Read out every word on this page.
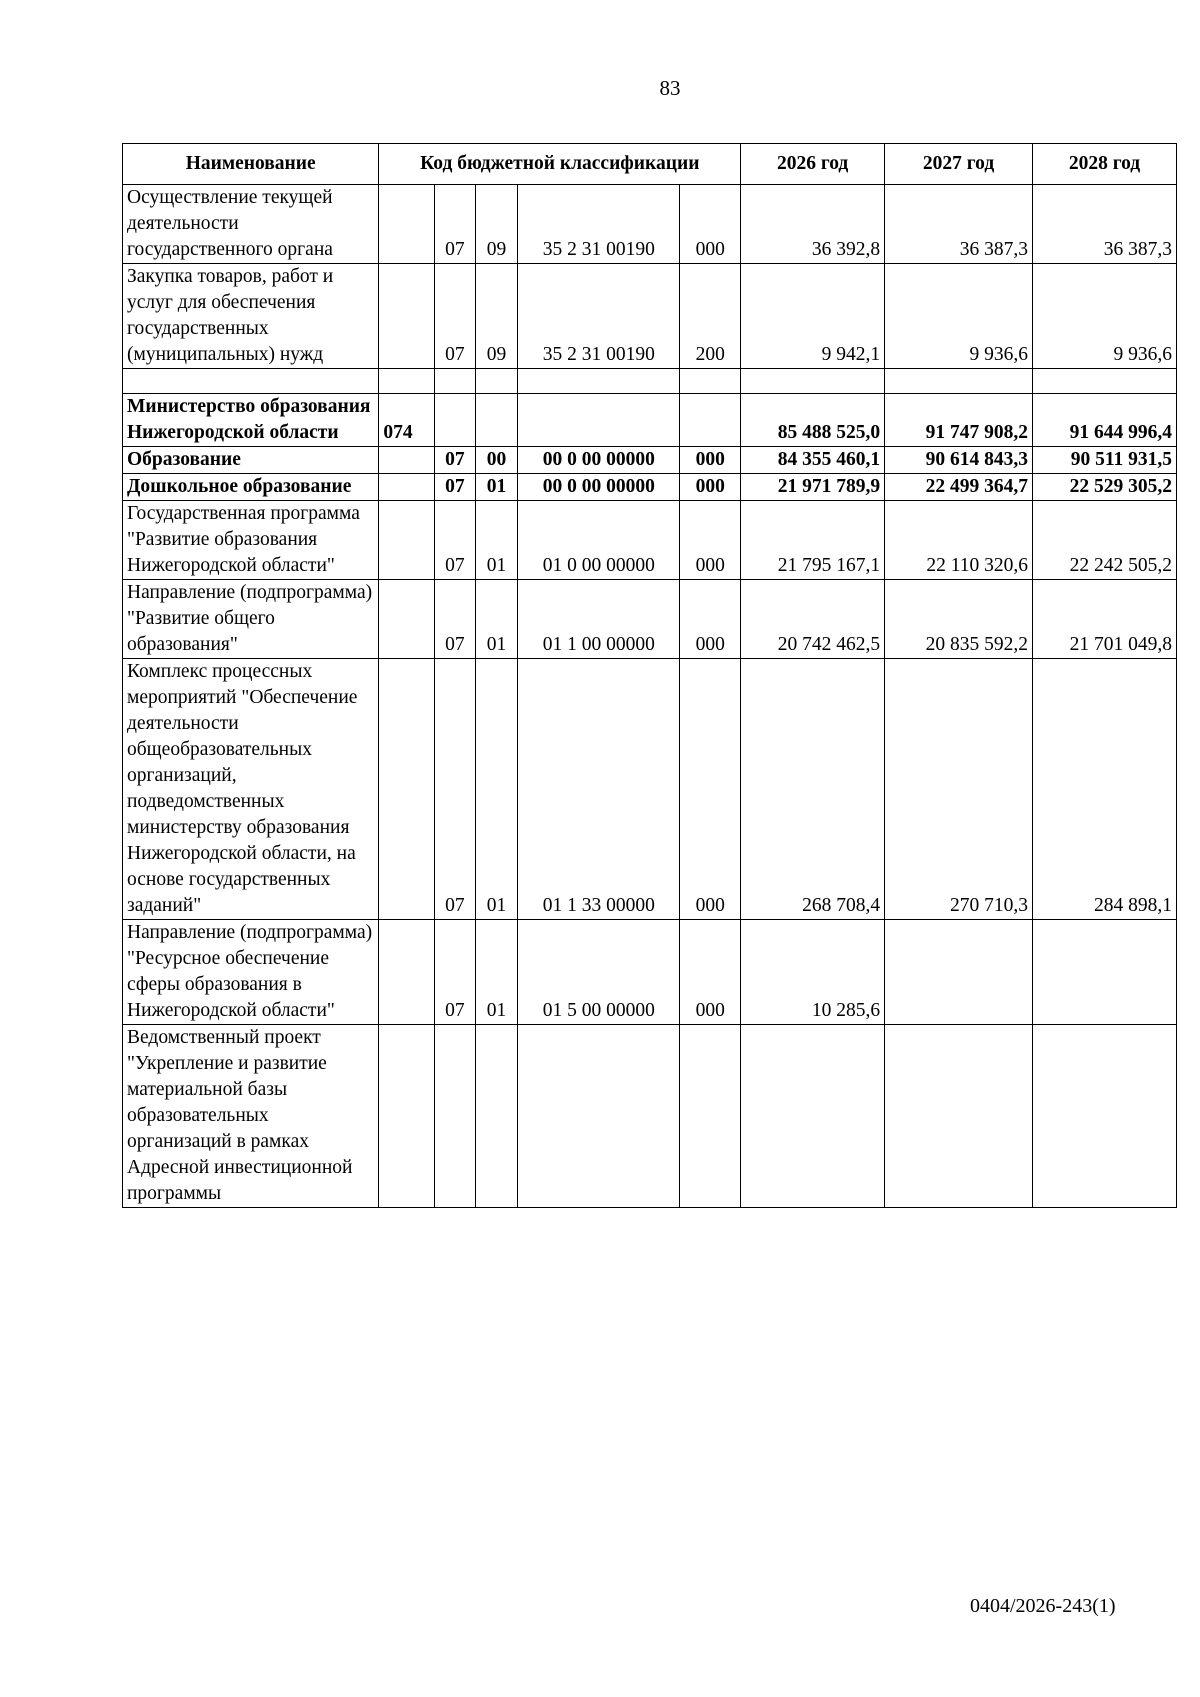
83
Наименование	Код бюджетной классификации					2026 год	2027 год	2028 год
Осуществление текущей деятельности государственного органа		07	09	35 2 31 00190	000	36 392,8	36 387,3	36 387,3
Закупка товаров, работ и услуг для обеспечения государственных (муниципальных) нужд		07	09	35 2 31 00190	200	9 942,1	9 936,6	9 936,6

Министерство образования Нижегородской области	074					85 488 525,0	91 747 908,2	91 644 996,4
Образование		07	00	00 0 00 00000	000	84 355 460,1	90 614 843,3	90 511 931,5
Дошкольное образование		07	01	00 0 00 00000	000	21 971 789,9	22 499 364,7	22 529 305,2
Государственная программа "Развитие образования Нижегородской области"		07	01	01 0 00 00000	000	21 795 167,1	22 110 320,6	22 242 505,2
Направление (подпрограмма) "Развитие общего образования"		07	01	01 1 00 00000	000	20 742 462,5	20 835 592,2	21 701 049,8
Комплекс процессных мероприятий "Обеспечение деятельности общеобразовательных организаций, подведомственных министерству образования Нижегородской области, на основе государственных заданий"		07	01	01 1 33 00000	000	268 708,4	270 710,3	284 898,1
Направление (подпрограмма) "Ресурсное обеспечение сферы образования в Нижегородской области"		07	01	01 5 00 00000	000	10 285,6		
Ведомственный проект "Укрепление и развитие материальной базы образовательных организаций в рамках Адресной инвестиционной программы								
0404/2026-243(1)
